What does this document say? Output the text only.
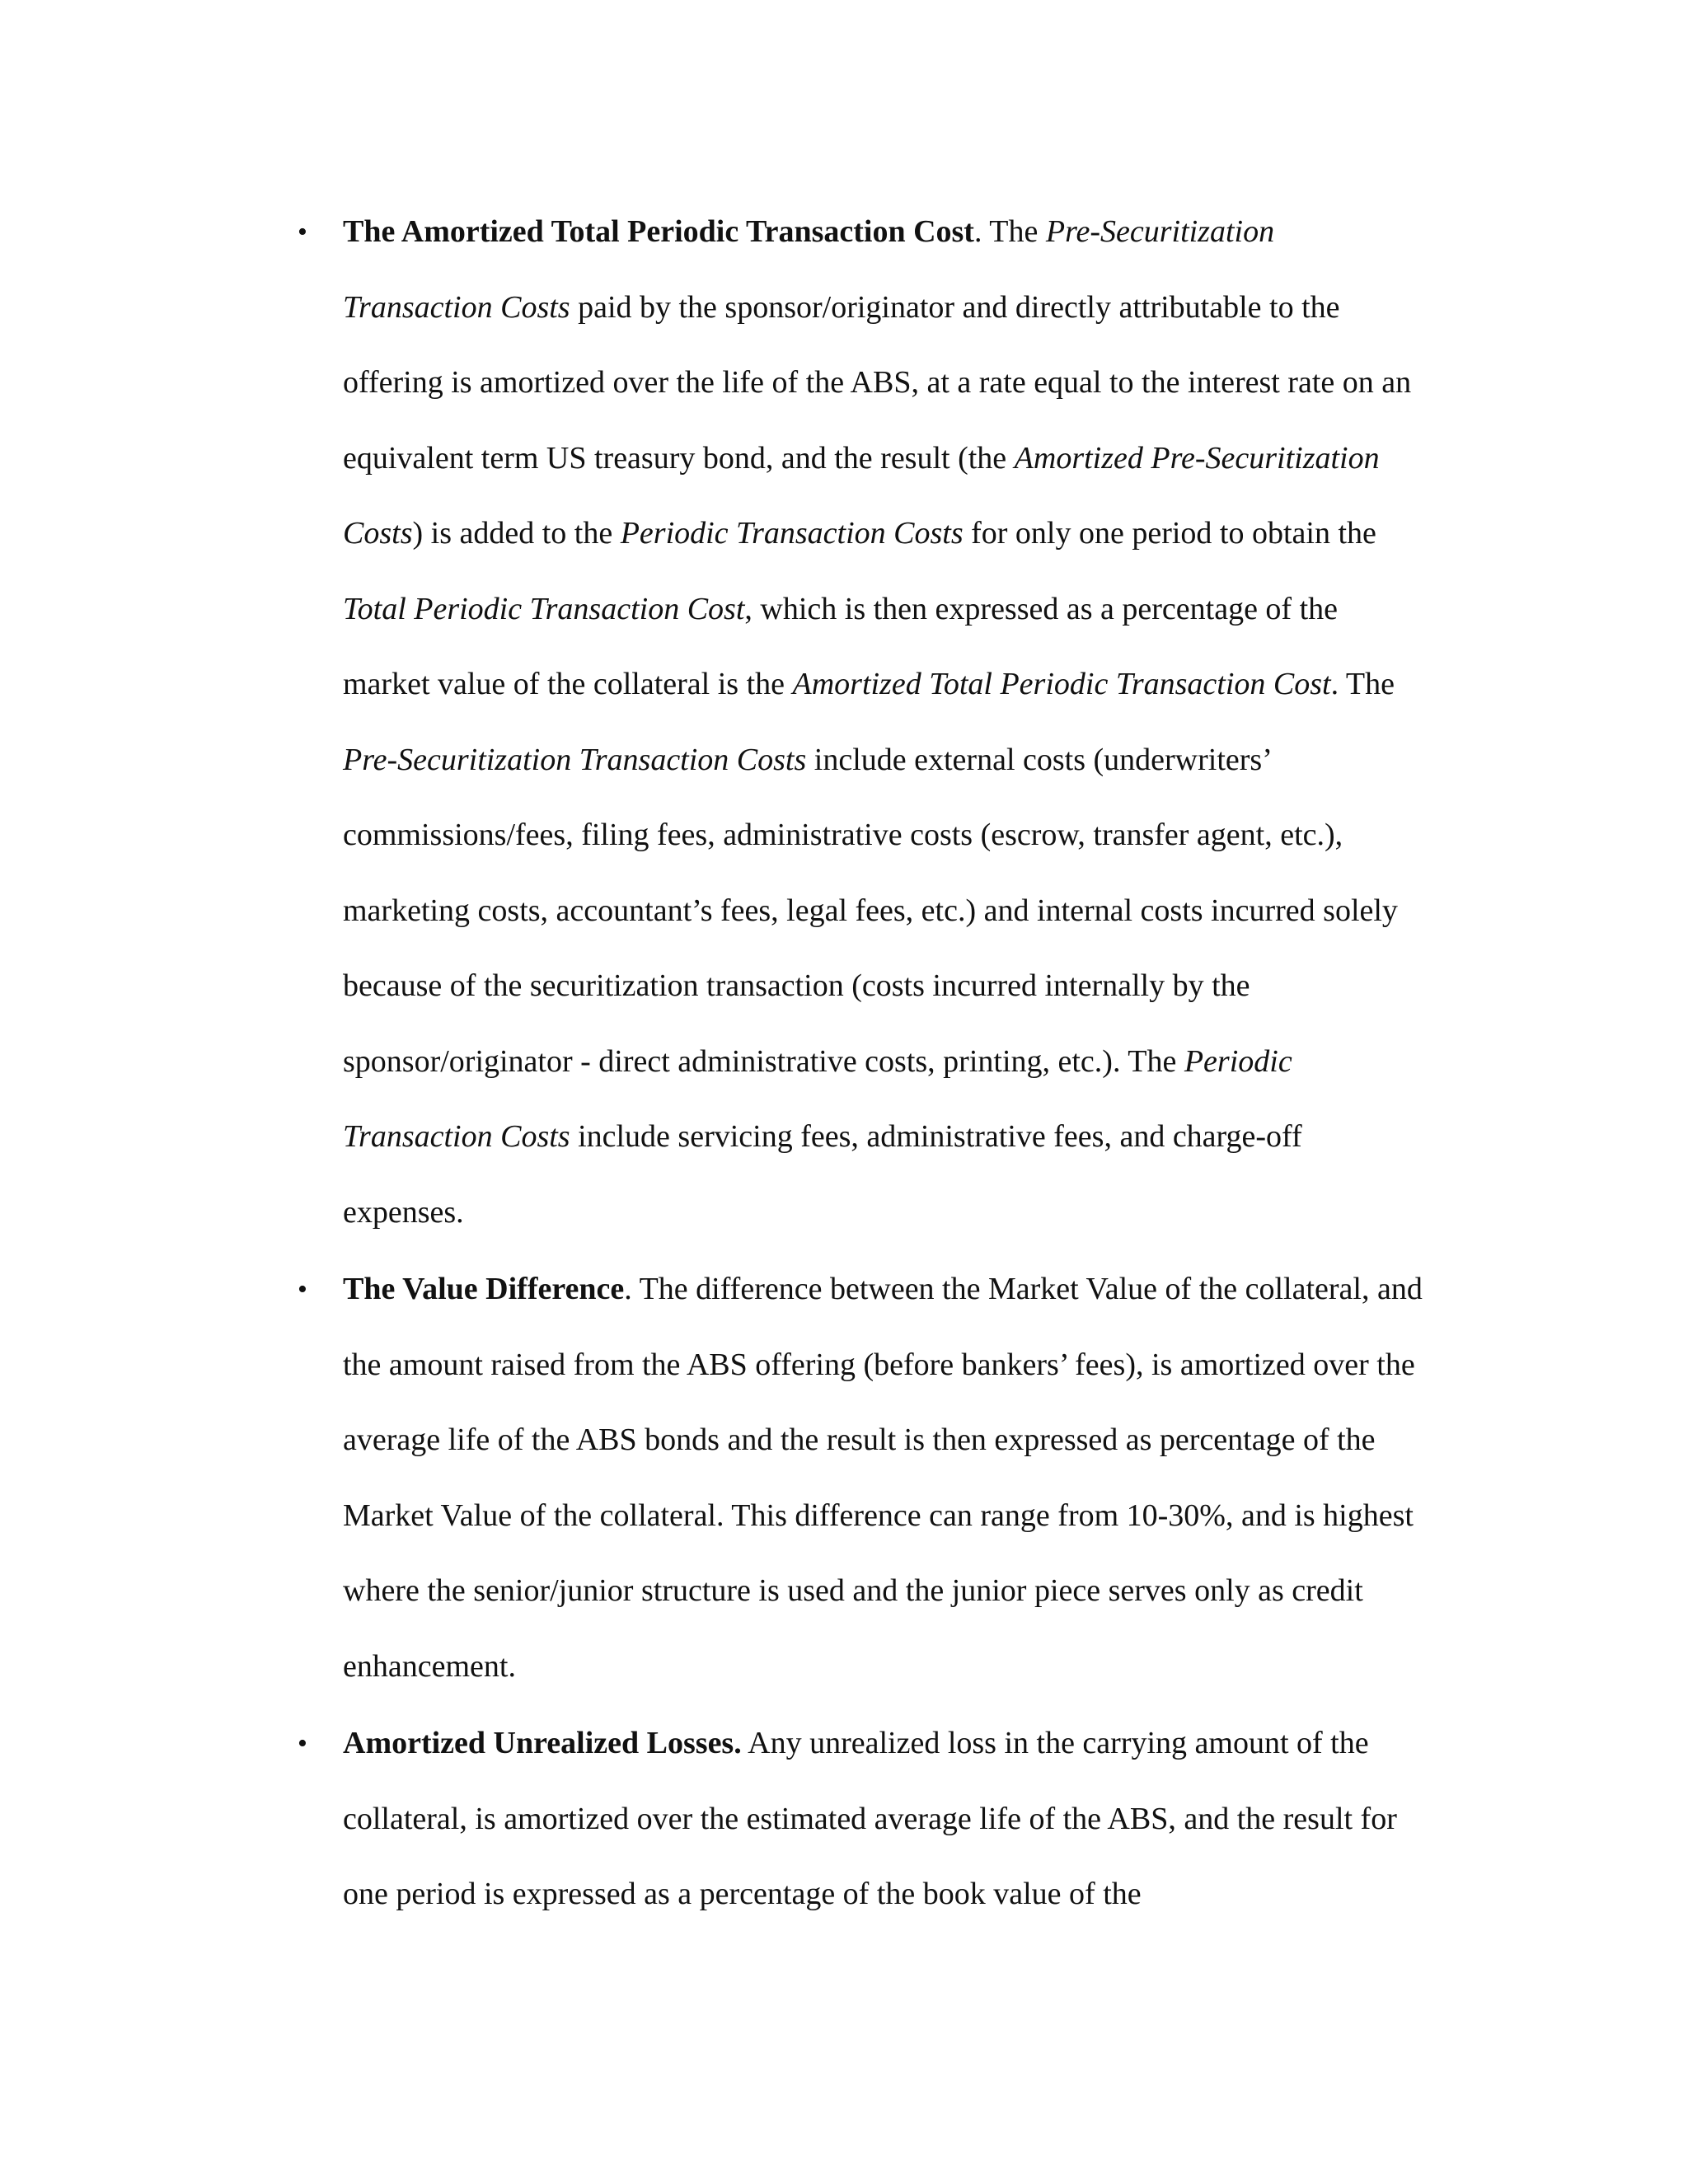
• The Amortized Total Periodic Transaction Cost. The Pre-Securitization Transaction Costs paid by the sponsor/originator and directly attributable to the offering is amortized over the life of the ABS, at a rate equal to the interest rate on an equivalent term US treasury bond, and the result (the Amortized Pre-Securitization Costs) is added to the Periodic Transaction Costs for only one period to obtain the Total Periodic Transaction Cost, which is then expressed as a percentage of the market value of the collateral is the Amortized Total Periodic Transaction Cost. The Pre-Securitization Transaction Costs include external costs (underwriters’ commissions/fees, filing fees, administrative costs (escrow, transfer agent, etc.), marketing costs, accountant’s fees, legal fees, etc.) and internal costs incurred solely because of the securitization transaction (costs incurred internally by the sponsor/originator - direct administrative costs, printing, etc.). The Periodic Transaction Costs include servicing fees, administrative fees, and charge-off expenses.
• The Value Difference. The difference between the Market Value of the collateral, and the amount raised from the ABS offering (before bankers’ fees), is amortized over the average life of the ABS bonds and the result is then expressed as percentage of the Market Value of the collateral. This difference can range from 10-30%, and is highest where the senior/junior structure is used and the junior piece serves only as credit enhancement.
• Amortized Unrealized Losses. Any unrealized loss in the carrying amount of the collateral, is amortized over the estimated average life of the ABS, and the result for one period is expressed as a percentage of the book value of the
